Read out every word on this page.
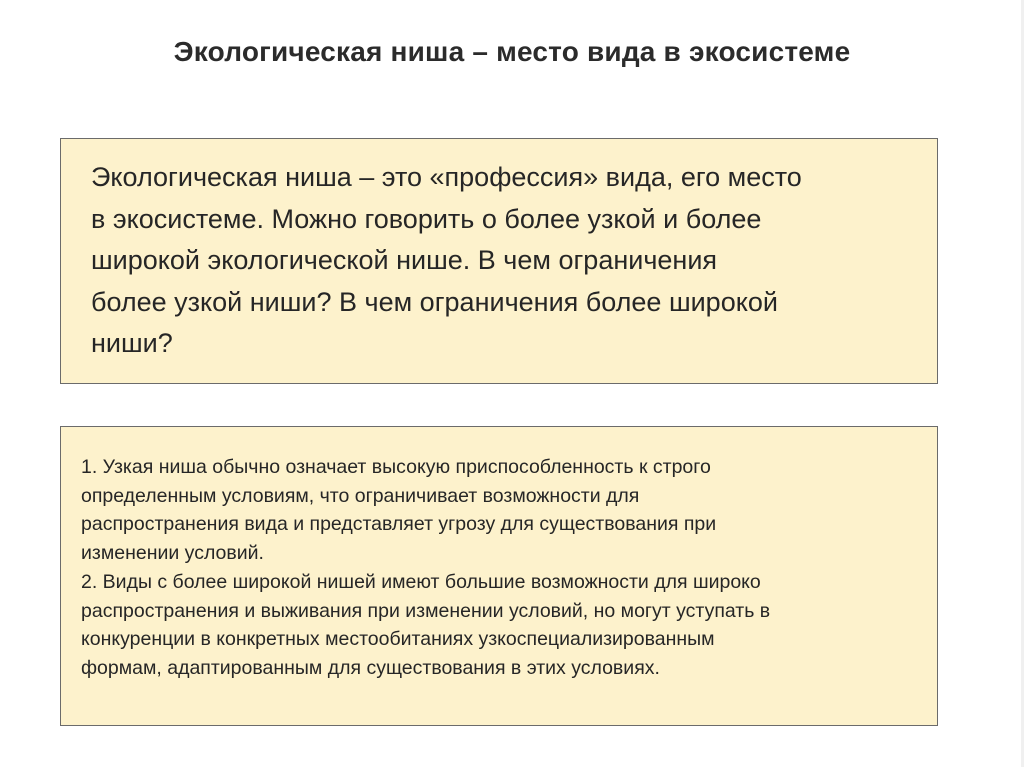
Экологическая ниша – место вида в экосистеме
Экологическая ниша – это «профессия» вида, его место
в экосистеме. Можно говорить о более узкой и более
широкой экологической нише. В чем ограничения
более узкой ниши? В чем ограничения более широкой
ниши?
1. Узкая ниша обычно означает высокую приспособленность к строго
определенным условиям, что ограничивает возможности для
распространения вида и представляет угрозу для существования при
изменении условий.
2. Виды с более широкой нишей имеют большие возможности для широко
распространения и выживания при изменении условий, но могут уступать в
конкуренции в конкретных местообитаниях узкоспециализированным
формам, адаптированным для существования в этих условиях.
